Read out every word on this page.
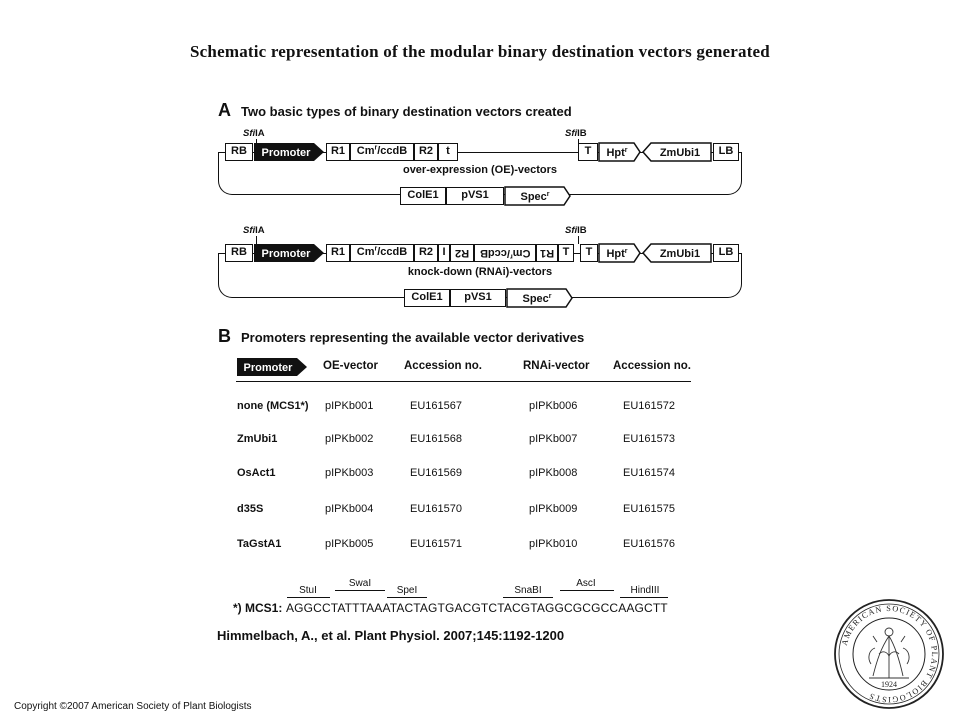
Schematic representation of the modular binary destination vectors generated
A Two basic types of binary destination vectors created
SfiIA	SfiIB
RB	Promoter	R1	Cm$^r$/ccdB	R2	t	T	Hpt$^r$	ZmUbi1	LB
over-expression (OE)-vectors
ColE1	pVS1	Spec$^r$
SfiIA	SfiIB
RB	Promoter	R1	Cm$^r$/ccdB	R2 I R2	Cm$^r$/ccdB	R1 T	T	Hpt$^r$	ZmUbi1	LB
knock-down (RNAi)-vectors
ColE1	pVS1	Spec$^r$
B Promoters representing the available vector derivatives
Promoter	OE-vector Accession no.	RNAi-vector Accession no.
none (MCS1*) pIPKb001	EU161567	pIPKb006	EU161572
ZmUbi1	pIPKb002	EU161568	pIPKb007	EU161573
OsAct1	pIPKb003	EU161569	pIPKb008	EU161574
d35S	pIPKb004	EU161570	pIPKb009	EU161575
TaGstA1	pIPKb005	EU161571	pIPKb010	EU161576
StuI
SwaI
SpeI	SnaBI
AscI
HindIII
*) MCS1: AGGCCTATTTAAATACTAGTGACGTCTACGTAGGCGCGCCAAGCTT
Himmelbach, A., et al. Plant Physiol. 2007;145:1192-1200
Copyright ©2007 American Society of Plant Biologists
AMERICAN SOCIETY OF PLANT BIOLOGISTS
1924
